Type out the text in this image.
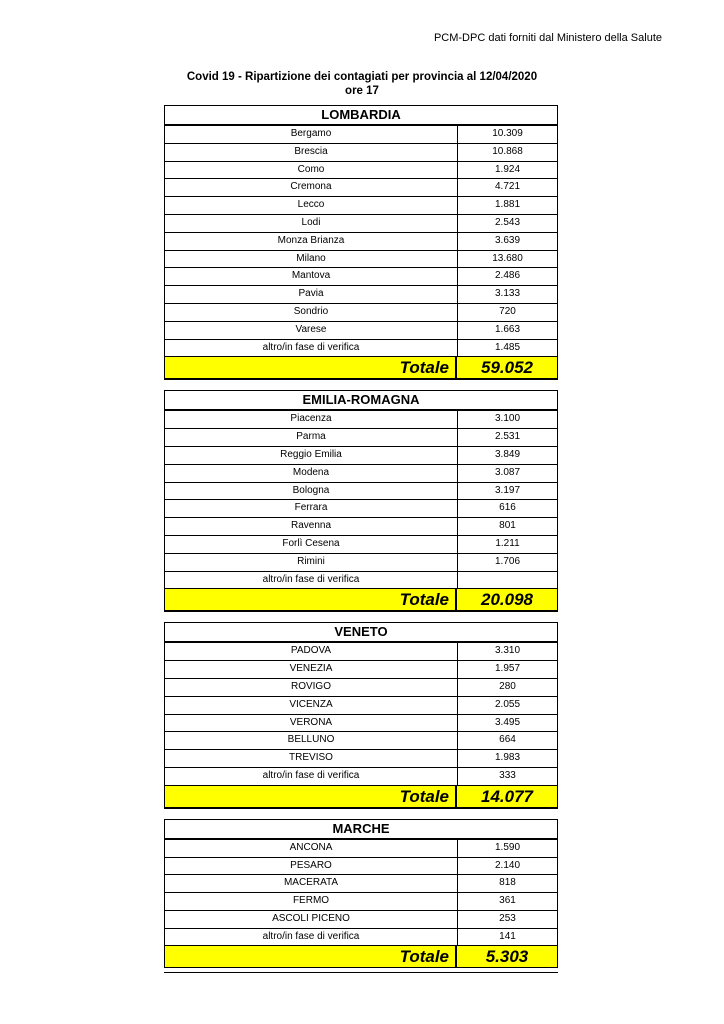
PCM-DPC dati forniti dal Ministero della Salute
Covid 19 - Ripartizione dei contagiati per provincia al 12/04/2020
ore 17
LOMBARDIA
Bergamo	10.309
Brescia	10.868
Como	1.924
Cremona	4.721
Lecco	1.881
Lodi	2.543
Monza Brianza	3.639
Milano	13.680
Mantova	2.486
Pavia	3.133
Sondrio	720
Varese	1.663
altro/in fase di verifica	1.485
Totale	59.052
EMILIA-ROMAGNA
Piacenza	3.100
Parma	2.531
Reggio Emilia	3.849
Modena	3.087
Bologna	3.197
Ferrara	616
Ravenna	801
Forlì Cesena	1.211
Rimini	1.706
altro/in fase di verifica
Totale	20.098
VENETO
PADOVA	3.310
VENEZIA	1.957
ROVIGO	280
VICENZA	2.055
VERONA	3.495
BELLUNO	664
TREVISO	1.983
altro/in fase di verifica	333
Totale	14.077
MARCHE
ANCONA	1.590
PESARO	2.140
MACERATA	818
FERMO	361
ASCOLI PICENO	253
altro/in fase di verifica	141
Totale	5.303
